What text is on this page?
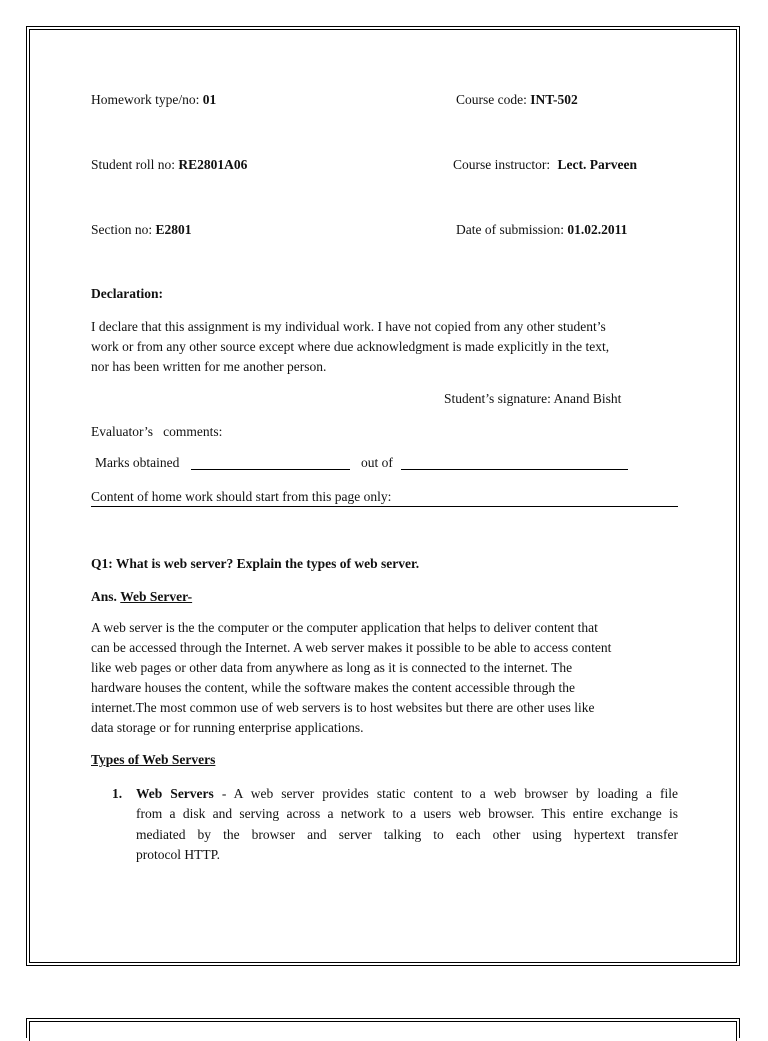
Homework type/no: 01	Course code: INT-502
Student roll no: RE2801A06	Course instructor: Lect. Parveen
Section no: E2801	Date of submission: 01.02.2011
Declaration:
I declare that this assignment is my individual work. I have not copied from any other student’s
work or from any other source except where due acknowledgment is made explicitly in the text,
nor has been written for me another person.
Student’s signature: Anand Bisht
Evaluator’s   comments:
Marks obtained	out of
Content of home work should start from this page only:
Q1: What is web server? Explain the types of web server.
Ans. Web Server-
A web server is the the computer or the computer application that helps to deliver content that
can be accessed through the Internet. A web server makes it possible to be able to access content
like web pages or other data from anywhere as long as it is connected to the internet. The
hardware houses the content, while the software makes the content accessible through the
internet.The most common use of web servers is to host websites but there are other uses like
data storage or for running enterprise applications.
Types of Web Servers
1. Web Servers - A web server provides static content to a web browser by loading a file
from a disk and serving across a network to a users web browser. This entire exchange is
mediated by the browser and server talking to each other using hypertext transfer
protocol HTTP.
